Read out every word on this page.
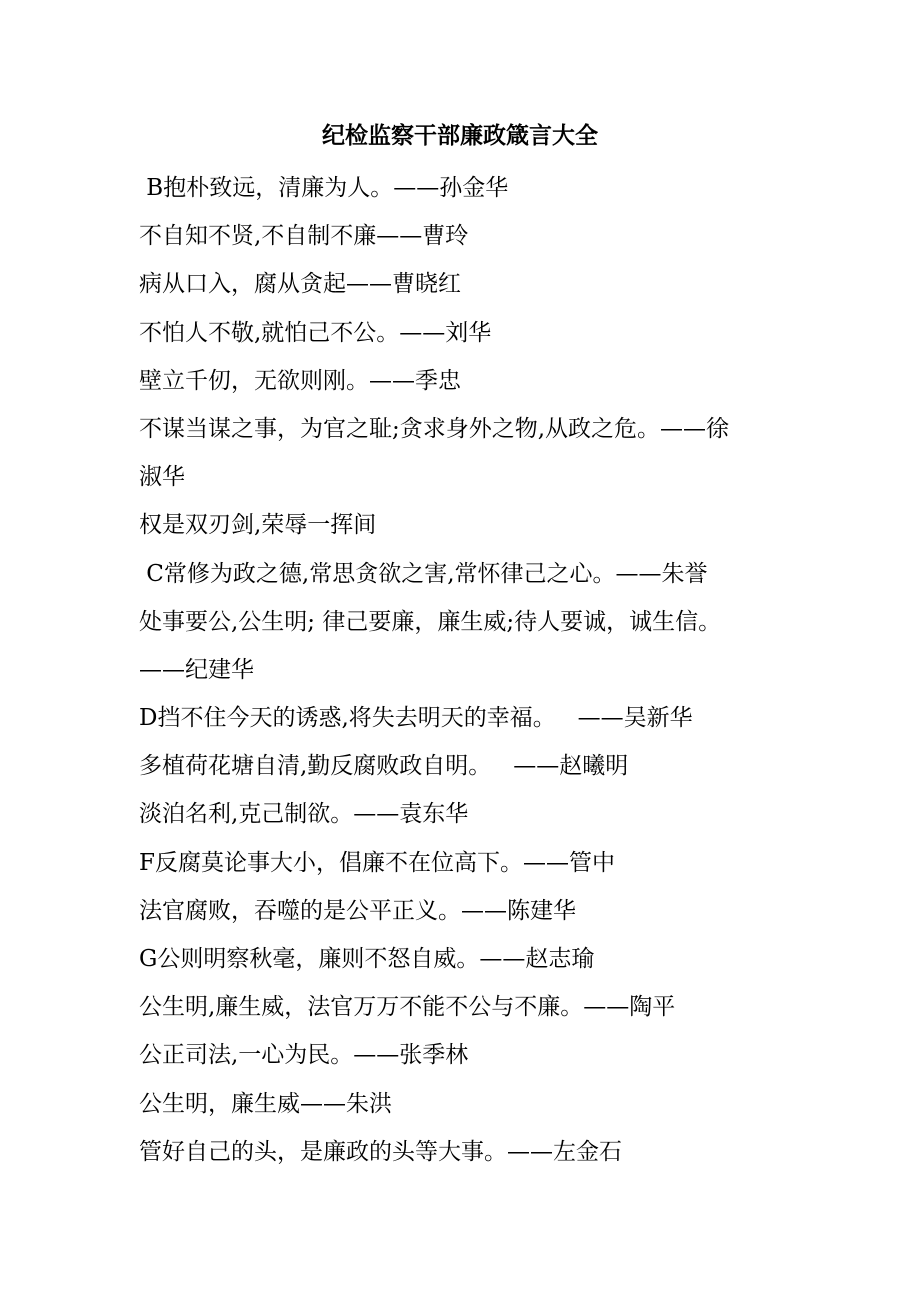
纪检监察干部廉政箴言大全
B抱朴致远，清廉为人。——孙金华
不自知不贤,不自制不廉——曹玲
病从口入，腐从贪起——曹晓红
不怕人不敬,就怕己不公。——刘华
壁立千仞，无欲则刚。——季忠
不谋当谋之事，为官之耻;贪求身外之物,从政之危。——徐
淑华
权是双刃剑,荣辱一挥间
C常修为政之德,常思贪欲之害,常怀律己之心。——朱誉
处事要公,公生明; 律己要廉，廉生威;待人要诚，诚生信。
——纪建华
D挡不住今天的诱惑,将失去明天的幸福。   ——吴新华
多植荷花塘自清,勤反腐败政自明。   ——赵曦明
淡泊名利,克己制欲。——袁东华
F反腐莫论事大小，倡廉不在位高下。——管中
法官腐败，吞噬的是公平正义。——陈建华
G公则明察秋毫，廉则不怒自威。——赵志瑜
公生明,廉生威，法官万万不能不公与不廉。——陶平
公正司法,一心为民。——张季林
公生明，廉生威——朱洪
管好自己的头，是廉政的头等大事。——左金石
